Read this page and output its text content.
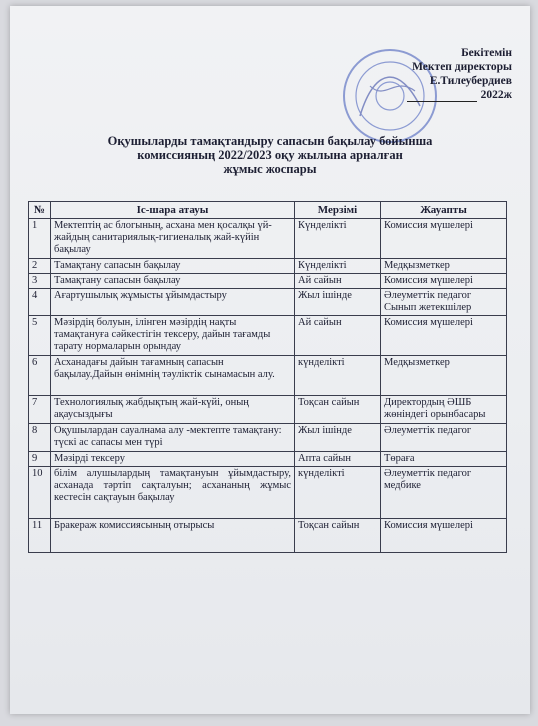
Бекітемін
Мектеп директоры
Е.Тилеубердиев
2022ж
Оқушыларды тамақтандыру сапасын бақылау бойынша
комиссияның 2022/2023 оқу жылына арналған
жұмыс жоспары
№	Іс-шара атауы	Мерзімі	Жауапты
1	Мектептің ас блогының, асхана мен қосалқы үй-жайдың санитариялық-гигиеналық жай-күйін бақылау	Күнделікті	Комиссия мүшелері
2	Тамақтану сапасын бақылау	Күнделікті	Медқызметкер
3	Тамақтану сапасын бақылау	Ай сайын	Комиссия мүшелері
4	Ағартушылық жұмысты ұйымдастыру	Жыл ішінде	Әлеуметтік педагог Сынып жетекшілер
5	Мәзірдің болуын, ілінген мәзірдің нақты тамақтануға сәйкестігін тексеру, дайын тағамды тарату нормаларын орындау	Ай сайын	Комиссия мүшелері
6	Асханадағы дайын тағамның сапасын бақылау.Дайын өнімнің тәуліктік сынамасын алу.	күнделікті	Медқызметкер
7	Технологиялық жабдықтың жай-күйі, оның ақаусыздығы	Тоқсан сайын	Директордың ӘШБ жөніндегі орынбасары
8	Оқушылардан сауалнама алу -мектепте тамақтану: түскі ас сапасы мен түрі	Жыл ішінде	Әлеуметтік педагог
9	Мәзірді тексеру	Апта сайын	Төраға
10	білім алушылардың тамақтануын ұйымдастыру, асханада тәртіп сақталуын; асхананың жұмыс кестесін сақтауын бақылау	күнделікті	Әлеуметтік педагог медбике
11	Бракераж комиссиясының отырысы	Тоқсан сайын	Комиссия мүшелері
